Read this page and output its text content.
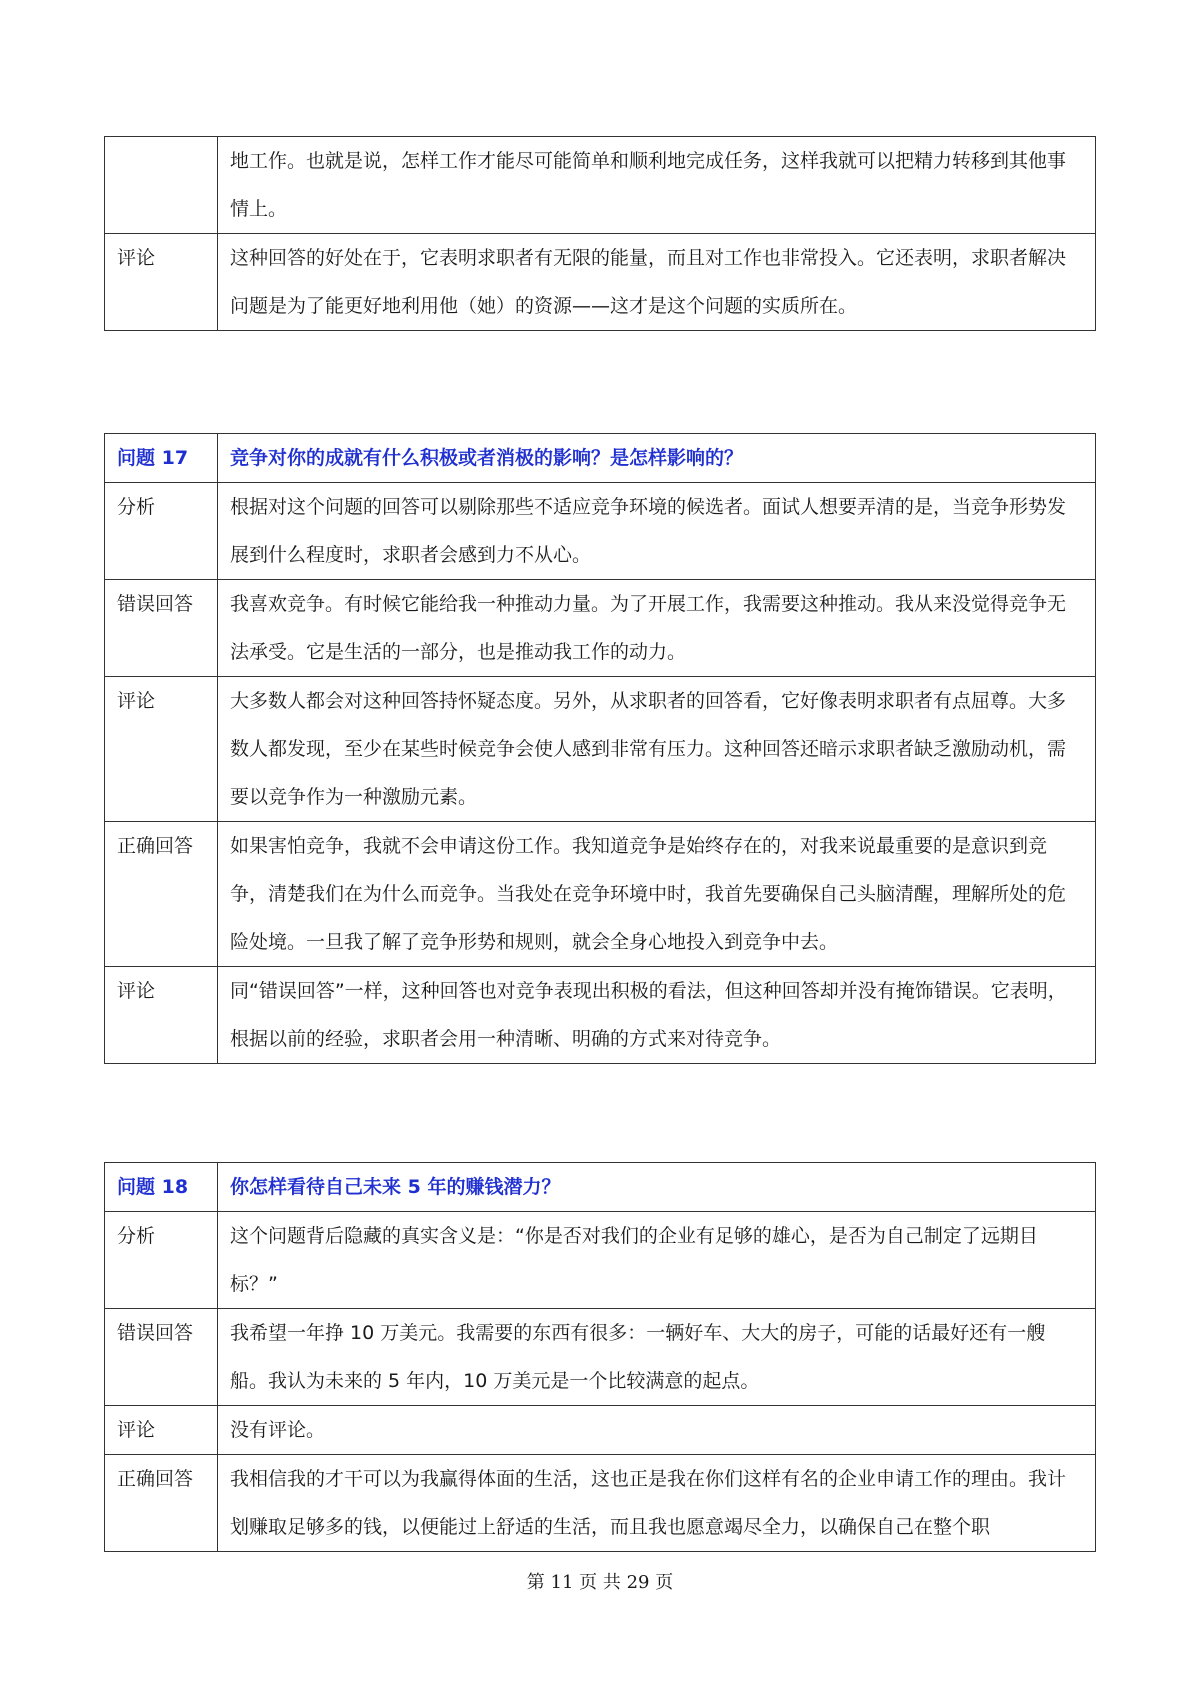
	地工作。也就是说，怎样工作才能尽可能简单和顺利地完成任务，这样我就可以把精力转移到其他事情上。
评论	这种回答的好处在于，它表明求职者有无限的能量，而且对工作也非常投入。它还表明，求职者解决问题是为了能更好地利用他（她）的资源——这才是这个问题的实质所在。
问题 17	竞争对你的成就有什么积极或者消极的影响？是怎样影响的？
分析	根据对这个问题的回答可以剔除那些不适应竞争环境的候选者。面试人想要弄清的是，当竞争形势发展到什么程度时，求职者会感到力不从心。
错误回答	我喜欢竞争。有时候它能给我一种推动力量。为了开展工作，我需要这种推动。我从来没觉得竞争无法承受。它是生活的一部分，也是推动我工作的动力。
评论	大多数人都会对这种回答持怀疑态度。另外，从求职者的回答看，它好像表明求职者有点屈尊。大多数人都发现，至少在某些时候竞争会使人感到非常有压力。这种回答还暗示求职者缺乏激励动机，需要以竞争作为一种激励元素。
正确回答	如果害怕竞争，我就不会申请这份工作。我知道竞争是始终存在的，对我来说最重要的是意识到竞争，清楚我们在为什么而竞争。当我处在竞争环境中时，我首先要确保自己头脑清醒，理解所处的危险处境。一旦我了解了竞争形势和规则，就会全身心地投入到竞争中去。
评论	同“错误回答”一样，这种回答也对竞争表现出积极的看法，但这种回答却并没有掩饰错误。它表明，根据以前的经验，求职者会用一种清晰、明确的方式来对待竞争。
问题 18	你怎样看待自己未来 5 年的赚钱潜力？
分析	这个问题背后隐藏的真实含义是：“你是否对我们的企业有足够的雄心，是否为自己制定了远期目标？”
错误回答	我希望一年挣 10 万美元。我需要的东西有很多：一辆好车、大大的房子，可能的话最好还有一艘船。我认为未来的 5 年内，10 万美元是一个比较满意的起点。
评论	没有评论。
正确回答	我相信我的才干可以为我赢得体面的生活，这也正是我在你们这样有名的企业申请工作的理由。我计划赚取足够多的钱，以便能过上舒适的生活，而且我也愿意竭尽全力，以确保自己在整个职
第 11 页 共 29 页
